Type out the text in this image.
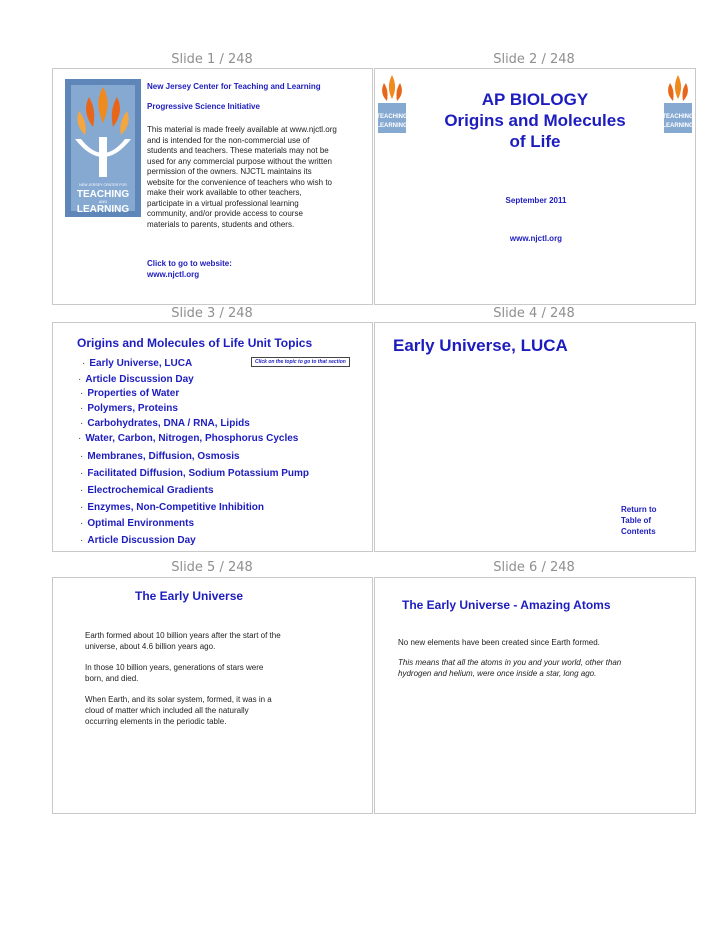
Slide 1 / 248	Slide 2 / 248
Slide 3 / 248	Slide 4 / 248
Slide 5 / 248	Slide 6 / 248
NEW JERSEY CENTER FOR
TEACHING
AND
LEARNING
New Jersey Center for Teaching and Learning
Progressive Science Initiative
This material is made freely available at www.njctl.org
and is intended for the non-commercial use of
students and teachers. These materials may not be
used for any commercial purpose without the written
permission of the owners. NJCTL maintains its
website for the convenience of teachers who wish to
make their work available to other teachers,
participate in a virtual professional learning
community, and/or provide access to course
materials to parents, students and others.
Click to go to website:
www.njctl.org
TEACHING
LEARNING
TEACHING
LEARNING
AP BIOLOGY
Origins and Molecules
of Life
September 2011
www.njctl.org
Origins and Molecules of Life Unit Topics
Click on the topic to go to that section
· Early Universe, LUCA
· Article Discussion Day
· Properties of Water
· Polymers, Proteins
· Carbohydrates, DNA / RNA, Lipids
· Water, Carbon, Nitrogen, Phosphorus Cycles
· Membranes, Diffusion, Osmosis
· Facilitated Diffusion, Sodium Potassium Pump
· Electrochemical Gradients
· Enzymes, Non-Competitive Inhibition
· Optimal Environments
· Article Discussion Day
Early Universe, LUCA
Return to
Table of
Contents
The Early Universe
Earth formed about 10 billion years after the start of the
universe, about 4.6 billion years ago.
In those 10 billion years, generations of stars were
born, and died.
When Earth, and its solar system, formed, it was in a
cloud of matter which included all the naturally
occurring elements in the periodic table.
The Early Universe - Amazing Atoms
No new elements have been created since Earth formed.
This means that all the atoms in you and your world, other than
hydrogen and helium, were once inside a star, long ago.
